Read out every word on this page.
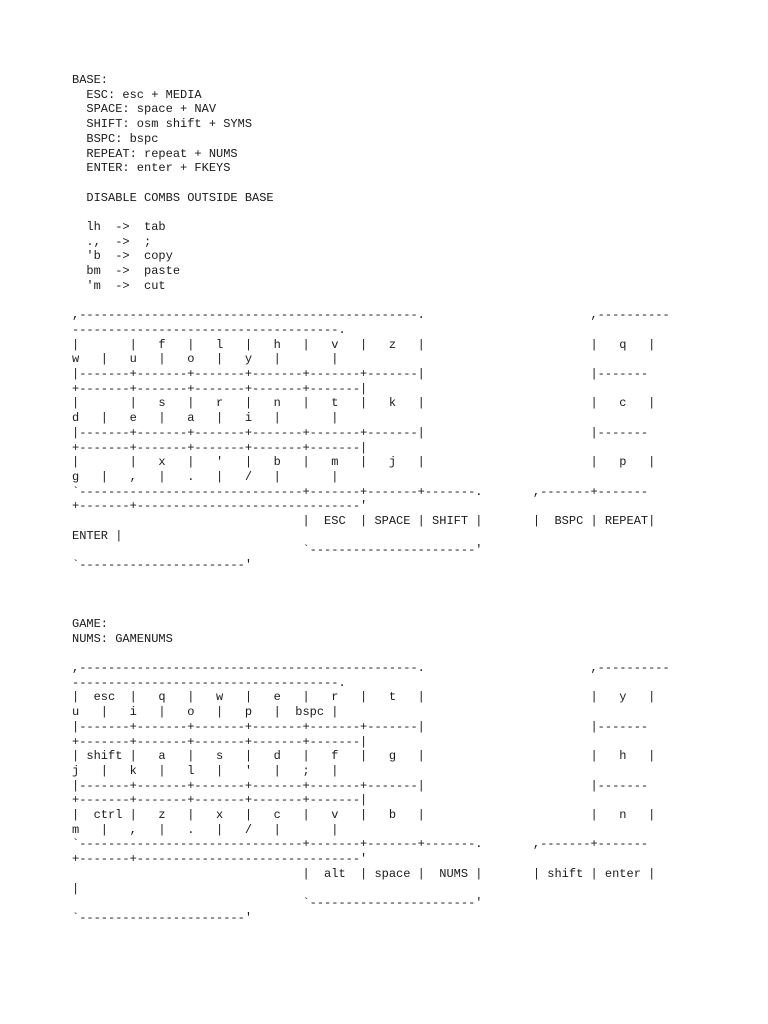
BASE:
ESC: esc + MEDIA
SPACE: space + NAV
SHIFT: osm shift + SYMS
BSPC: bspc
REPEAT: repeat + NUMS
ENTER: enter + FKEYS
DISABLE COMBS OUTSIDE BASE
lh  ->  tab
.,  ->  ;
'b  ->  copy
bm  ->  paste
'm  ->  cut
,-----------------------------------------------.                       ,----------
-------------------------------------.
|       |   f   |   l   |   h   |   v   |   z   |                       |   q   |
w   |   u   |   o   |   y   |       |
|-------+-------+-------+-------+-------+-------|                       |-------
+-------+-------+-------+-------+-------|
|       |   s   |   r   |   n   |   t   |   k   |                       |   c   |
d   |   e   |   a   |   i   |       |
|-------+-------+-------+-------+-------+-------|                       |-------
+-------+-------+-------+-------+-------|
|       |   x   |   '   |   b   |   m   |   j   |                       |   p   |
g   |   ,   |   .   |   /   |       |
`-------------------------------+-------+-------+-------.       ,-------+-------
+-------+-------------------------------'
|  ESC  | SPACE | SHIFT |       |  BSPC | REPEAT|
ENTER |
`-----------------------'
`-----------------------'
GAME:
NUMS: GAMENUMS
,-----------------------------------------------.                       ,----------
-------------------------------------.
|  esc  |   q   |   w   |   e   |   r   |   t   |                       |   y   |
u   |   i   |   o   |   p   |  bspc |
|-------+-------+-------+-------+-------+-------|                       |-------
+-------+-------+-------+-------+-------|
| shift |   a   |   s   |   d   |   f   |   g   |                       |   h   |
j   |   k   |   l   |   '   |   ;   |
|-------+-------+-------+-------+-------+-------|                       |-------
+-------+-------+-------+-------+-------|
|  ctrl |   z   |   x   |   c   |   v   |   b   |                       |   n   |
m   |   ,   |   .   |   /   |       |
`-------------------------------+-------+-------+-------.       ,-------+-------
+-------+-------------------------------'
|  alt  | space |  NUMS |       | shift | enter |
|
`-----------------------'
`-----------------------'
